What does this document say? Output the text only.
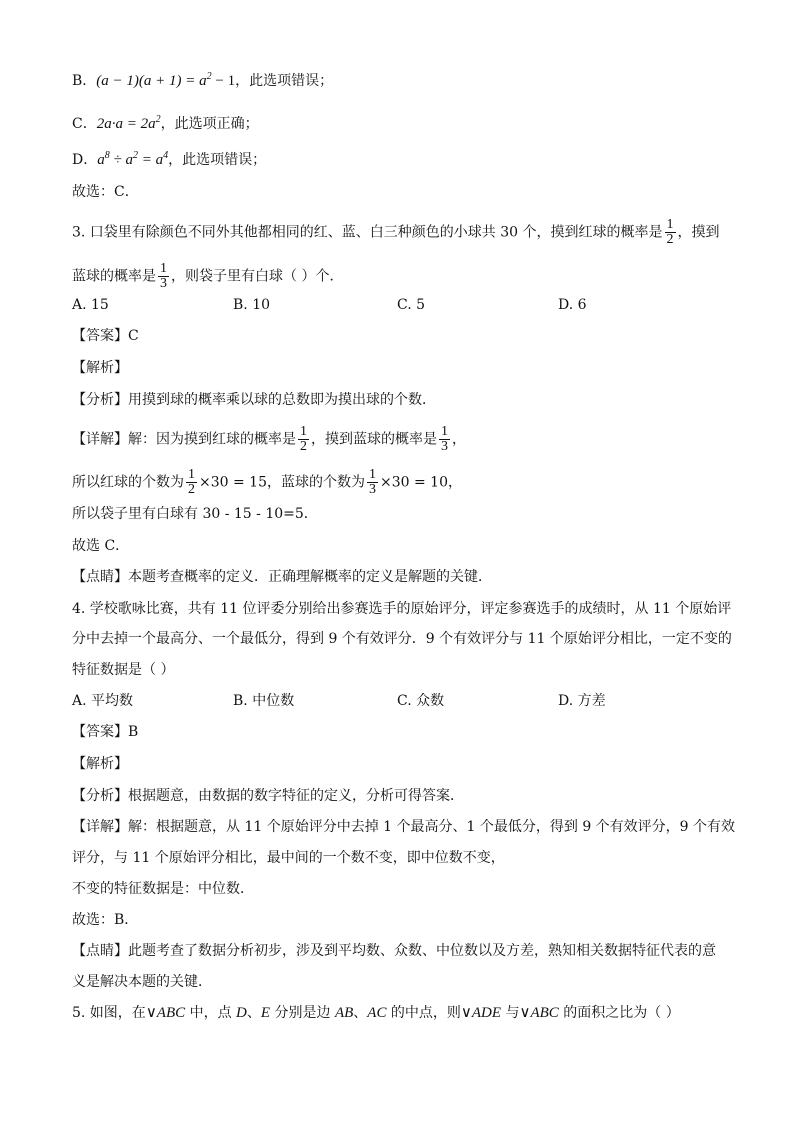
B．$(a - 1)(a + 1) = a^2 - 1$，此选项错误；
C．$2a\cdot a = 2a^2$，此选项正确；
D．$a^8 \div a^2 = a^4$，此选项错误；
故选：C．
3. 口袋里有除颜色不同外其他都相同的红、蓝、白三种颜色的小球共 30 个，摸到红球的概率是 $\frac{1}{2}$ ，摸到
蓝球的概率是 $\frac{1}{3}$ ，则袋子里有白球（ ）个．
A. 15	B. 10	C. 5	D. 6
【答案】C
【解析】
【分析】用摸到球的概率乘以球的总数即为摸出球的个数．
【详解】解：因为摸到红球的概率是 $\frac{1}{2}$ ，摸到蓝球的概率是 $\frac{1}{3}$ ，
所以红球的个数为 $\frac{1}{2} \times 30 = 15$，蓝球的个数为 $\frac{1}{3} \times 30 = 10$，
所以袋子里有白球有 30 - 15 - 10=5．
故选 C．
【点睛】本题考查概率的定义．正确理解概率的定义是解题的关键．
4. 学校歌咏比赛，共有 11 位评委分别给出参赛选手的原始评分，评定参赛选手的成绩时，从 11 个原始评
分中去掉一个最高分、一个最低分，得到 9 个有效评分．9 个有效评分与 11 个原始评分相比，一定不变的
特征数据是（ ）
A. 平均数	B. 中位数	C. 众数	D. 方差
【答案】B
【解析】
【分析】根据题意，由数据的数字特征的定义，分析可得答案．
【详解】解：根据题意，从 11 个原始评分中去掉 1 个最高分、1 个最低分，得到 9 个有效评分，9 个有效
评分，与 11 个原始评分相比，最中间的一个数不变，即中位数不变，
不变的特征数据是：中位数．
故选：B．
【点睛】此题考查了数据分析初步，涉及到平均数、众数、中位数以及方差，熟知相关数据特征代表的意
义是解决本题的关键．
5. 如图，在∨ABC 中，点 D、E 分别是边 AB、AC 的中点，则∨ADE 与∨ABC 的面积之比为（ ）
